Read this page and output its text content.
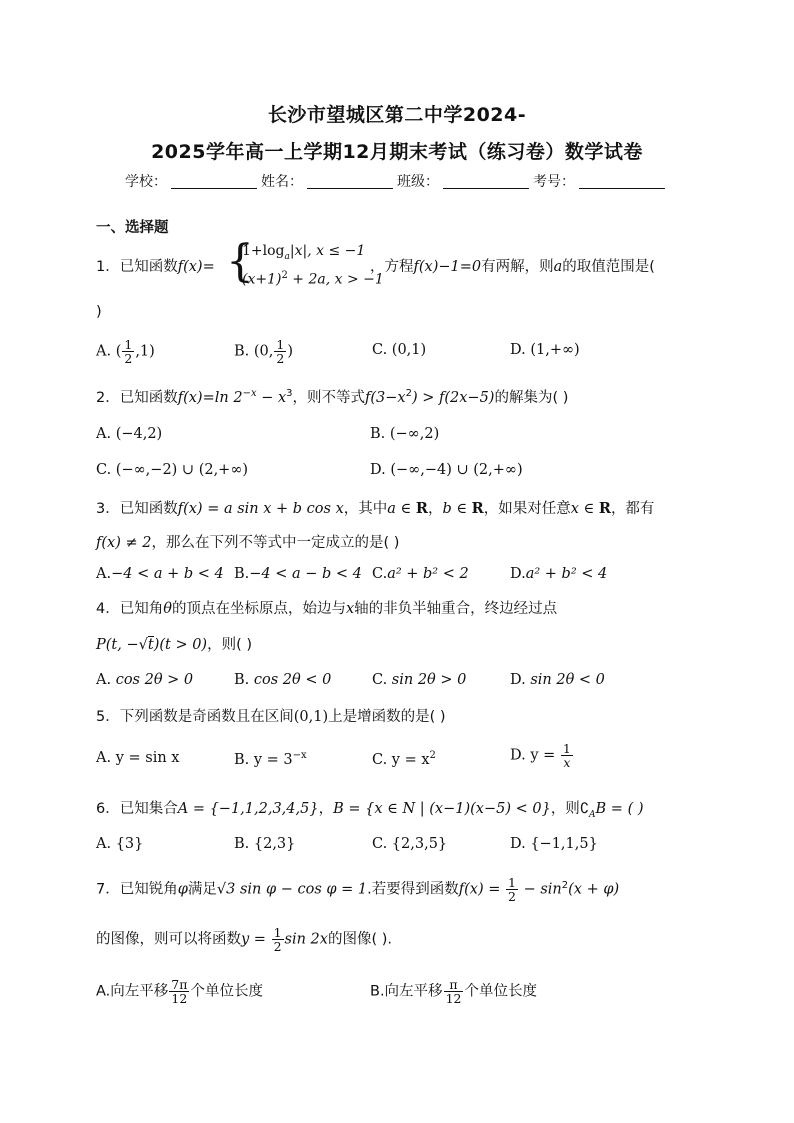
长沙市望城区第二中学2024-
2025学年高一上学期12月期末考试（练习卷）数学试卷
学校：	姓名：	班级：	考号：
一、选择题
1．已知函数f(x)= {
$1+\log_a|x|$, x ≤ −1
$(x+1)^2 + 2a$, x > −1
，方程f(x)−1=0有两解，则a的取值范围是(
)
A. ( $\frac{1}{2} ,1$)	B. (0, $\frac{1}{2}$ )	C. (0,1)	D. (1,+∞)
2．已知函数f(x)=ln $2^{-x} - x^3$，则不等式$f(3-x^2) > f(2x-5)$的解集为( )
A. (−4,2)	B. (−∞,2)
C. (−∞,−2) ∪ (2,+∞)	D. (−∞,−4) ∪ (2,+∞)
3．已知函数f(x) = a sin x + b cos x，其中a ∈ R，b ∈ R，如果对任意x ∈ R，都有
f(x) ≠ 2，那么在下列不等式中一定成立的是( )
A.−4 < a + b < 4 B.−4 < a − b < 4 C.a² + b² < 2	D.a² + b² < 4
4．已知角θ的顶点在坐标原点，始边与x轴的非负半轴重合，终边经过点
P(t, −√t)(t > 0)，则( )
A. cos 2θ > 0	B. cos 2θ < 0	C. sin 2θ > 0	D. sin 2θ < 0
5．下列函数是奇函数且在区间(0,1)上是增函数的是( )
A. y = sin x	B. $y = 3^{-x}$	C. $y = x^2$	D. $y = \frac{1}{x}$
6．已知集合A = {−1,1,2,3,4,5}，B = {x ∈ N | (x−1)(x−5) < 0}，则$∁_AB$ = ( )
A. {3}	B. {2,3}	C. {2,3,5}	D. {−1,1,5}
7．已知锐角φ满足√3 sin φ − cos φ = 1.若要得到函数$f(x) = \frac{1}{2} - \sin^2(x + \varphi)$
的图像，则可以将函数$y = \frac{1}{2}$ sin 2x的图像( ).
A.向左平移 $\frac{7\pi}{12}$ 个单位长度	B.向左平移 $\frac{\pi}{12}$ 个单位长度
